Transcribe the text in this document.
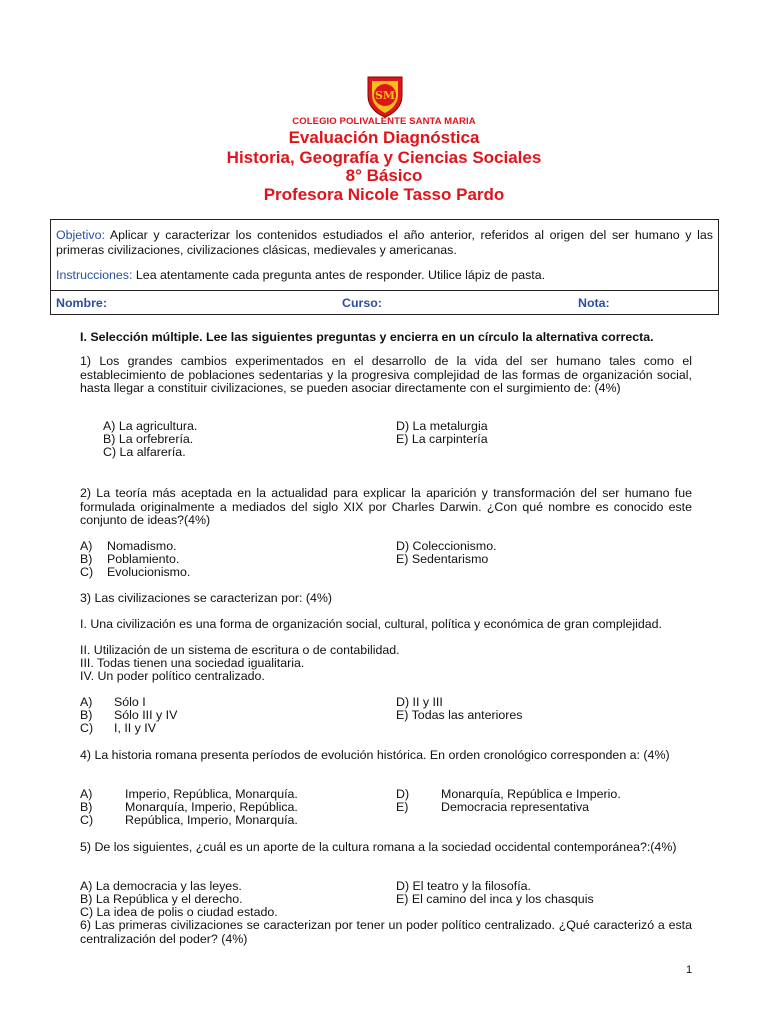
SM
COLEGIO POLIVALENTE SANTA MARIA
Evaluación Diagnóstica
Historia, Geografía y Ciencias Sociales
8° Básico
Profesora Nicole Tasso Pardo
Objetivo: Aplicar y caracterizar los contenidos estudiados el año anterior, referidos al origen del ser humano y las primeras civilizaciones, civilizaciones clásicas, medievales y americanas.
Instrucciones: Lea atentamente cada pregunta antes de responder. Utilice lápiz de pasta.
Nombre:	Curso:	Nota:
I. Selección múltiple. Lee las siguientes preguntas y encierra en un círculo la alternativa correcta.
1) Los grandes cambios experimentados en el desarrollo de la vida del ser humano tales como el establecimiento de poblaciones sedentarias y la progresiva complejidad de las formas de organización social, hasta llegar a constituir civilizaciones, se pueden asociar directamente con el surgimiento de: (4%)
A) La agricultura.
B) La orfebrería.
C) La alfarería.
D) La metalurgia
E) La carpintería
2) La teoría más aceptada en la actualidad para explicar la aparición y transformación del ser humano fue formulada originalmente a mediados del siglo XIX por Charles Darwin. ¿Con qué nombre es conocido este conjunto de ideas?(4%)
A) Nomadismo.
B) Poblamiento.
C) Evolucionismo.
D) Coleccionismo.
E) Sedentarismo
3) Las civilizaciones se caracterizan por: (4%)
I. Una civilización es una forma de organización social, cultural, política y económica de gran complejidad.
II. Utilización de un sistema de escritura o de contabilidad.
III. Todas tienen una sociedad igualitaria.
IV. Un poder político centralizado.
A) Sólo I
B) Sólo III y IV
C) I, II y IV
D) II y III
E) Todas las anteriores
4) La historia romana presenta períodos de evolución histórica. En orden cronológico corresponden a: (4%)
A)	Imperio, República, Monarquía.
B)	Monarquía, Imperio, República.
C)	República, Imperio, Monarquía.
D)	Monarquía, República e Imperio.
E)	Democracia representativa
5) De los siguientes, ¿cuál es un aporte de la cultura romana a la sociedad occidental contemporánea?:(4%)
A) La democracia y las leyes.
B) La República y el derecho.
C) La idea de polis o ciudad estado.
D) El teatro y la filosofía.
E) El camino del inca y los chasquis
6) Las primeras civilizaciones se caracterizan por tener un poder político centralizado. ¿Qué caracterizó a esta centralización del poder? (4%)
1
